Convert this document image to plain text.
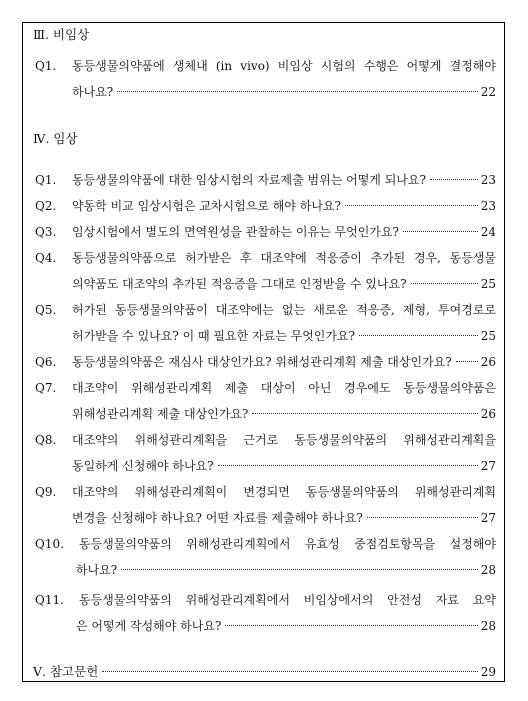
Ⅲ. 비임상
Q1.	동등생물의약품에 생체내 (in vivo) 비임상 시험의 수행은 어떻게 결정해야
하나요?	22
Ⅳ. 임상
Q1.	동등생물의약품에 대한 임상시험의 자료제출 범위는 어떻게 되나요?	23
Q2.	약동학 비교 임상시험은 교차시험으로 해야 하나요?	23
Q3.	임상시험에서 별도의 면역원성을 관찰하는 이유는 무엇인가요?	24
Q4.	동등생물의약품으로 허가받은 후 대조약에 적응증이 추가된 경우, 동등생물
의약품도 대조약의 추가된 적응증을 그대로 인정받을 수 있나요?	25
Q5.	허가된 동등생물의약품이 대조약에는 없는 새로운 적응증, 제형, 투여경로로
허가받을 수 있나요? 이 때 필요한 자료는 무엇인가요?	25
Q6.	동등생물의약품은 재심사 대상인가요? 위해성관리계획 제출 대상인가요? 26
Q7.	대조약이 위해성관리계획 제출 대상이 아닌 경우에도 동등생물의약품은
위해성관리계획 제출 대상인가요?	26
Q8.	대조약의 위해성관리계획을 근거로 동등생물의약품의 위해성관리계획을
동일하게 신청해야 하나요?	27
Q9.	대조약의 위해성관리계획이 변경되면 동등생물의약품의 위해성관리계획
변경을 신청해야 하나요? 어떤 자료를 제출해야 하나요?	27
Q10.	동등생물의약품의 위해성관리계획에서 유효성 중점검토항목을 설정해야
하나요?	28
Q11.	동등생물의약품의 위해성관리계획에서 비임상에서의 안전성 자료 요약
은 어떻게 작성해야 하나요?	28
Ⅴ. 참고문헌	29
